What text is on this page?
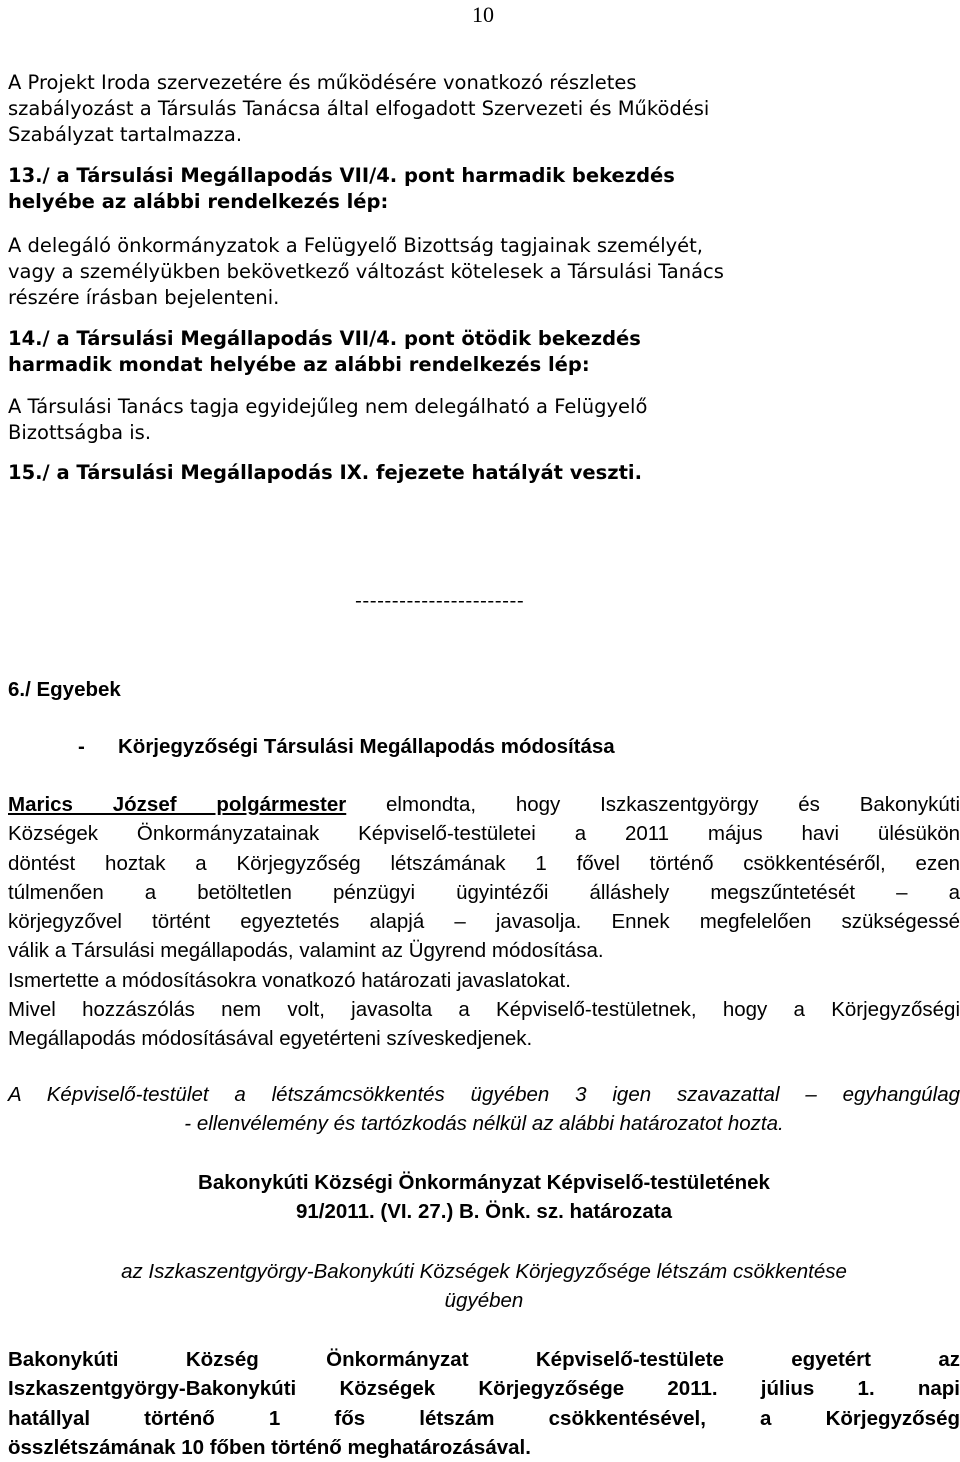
10
A Projekt Iroda szervezetére és működésére vonatkozó részletes
szabályozást a Társulás Tanácsa által elfogadott Szervezeti és Működési
Szabályzat tartalmazza.
13./ a Társulási Megállapodás VII/4. pont harmadik bekezdés
helyébe az alábbi rendelkezés lép:
A delegáló önkormányzatok a Felügyelő Bizottság tagjainak személyét,
vagy a személyükben bekövetkező változást kötelesek a Társulási Tanács
részére írásban bejelenteni.
14./ a Társulási Megállapodás VII/4. pont ötödik bekezdés
harmadik mondat helyébe az alábbi rendelkezés lép:
A Társulási Tanács tagja egyidejűleg nem delegálható a Felügyelő
Bizottságba is.
15./ a Társulási Megállapodás IX. fejezete hatályát veszti.
-----------------------
6./ Egyebek
-	Körjegyzőségi Társulási Megállapodás módosítása
Marics József polgármester elmondta, hogy Iszkaszentgyörgy és Bakonykúti
Községek Önkormányzatainak Képviselő-testületei a 2011 május havi ülésükön
döntést hoztak a Körjegyzőség létszámának 1 fővel történő csökkentéséről, ezen
túlmenően a betöltetlen pénzügyi ügyintézői álláshely megszűntetését – a
körjegyzővel történt egyeztetés alapjá – javasolja. Ennek megfelelően szükségessé
válik a Társulási megállapodás, valamint az Ügyrend módosítása.
Ismertette a módosításokra vonatkozó határozati javaslatokat.
Mivel hozzászólás nem volt, javasolta a Képviselő-testületnek, hogy a Körjegyzőségi
Megállapodás módosításával egyetérteni szíveskedjenek.
A Képviselő-testület a létszámcsökkentés ügyében 3 igen szavazattal – egyhangúlag
- ellenvélemény és tartózkodás nélkül az alábbi határozatot hozta.
Bakonykúti Községi Önkormányzat Képviselő-testületének
91/2011. (VI. 27.) B. Önk. sz. határozata
az Iszkaszentgyörgy-Bakonykúti Községek Körjegyzősége létszám csökkentése
ügyében
Bakonykúti Község Önkormányzat Képviselő-testülete egyetért az
Iszkaszentgyörgy-Bakonykúti Községek Körjegyzősége 2011. július 1. napi
hatállyal történő 1 fős létszám csökkentésével, a Körjegyzőség
összlétszámának 10 főben történő meghatározásával.
